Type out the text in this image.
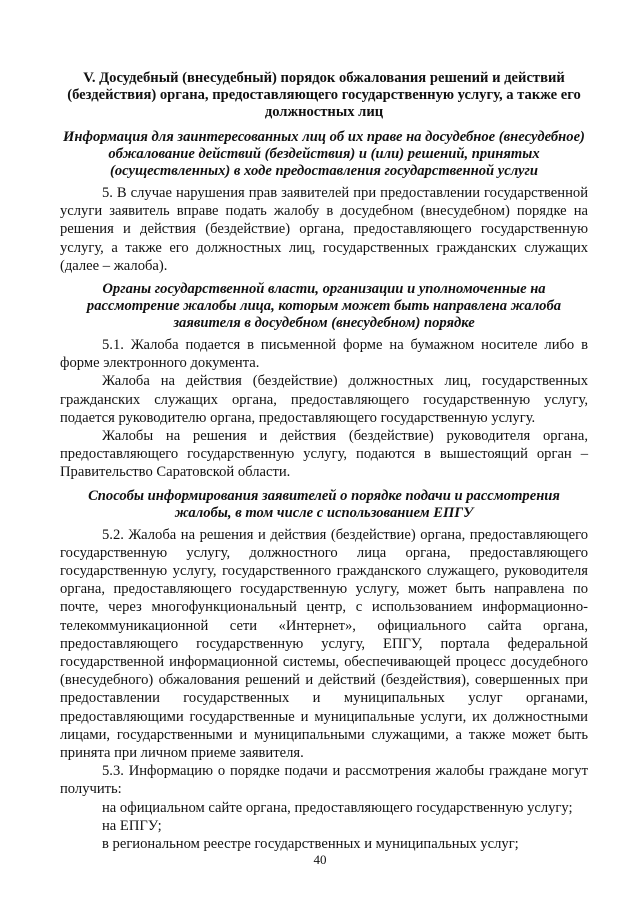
V. Досудебный (внесудебный) порядок обжалования решений и действий (бездействия) органа, предоставляющего государственную услугу, а также его должностных лиц
Информация для заинтересованных лиц об их праве на досудебное (внесудебное) обжалование действий (бездействия) и (или) решений, принятых (осуществленных) в ходе предоставления государственной услуги

5. В случае нарушения прав заявителей при предоставлении государственной услуги заявитель вправе подать жалобу в досудебном (внесудебном) порядке на решения и действия (бездействие) органа, предоставляющего государственную услугу, а также его должностных лиц, государственных гражданских служащих (далее – жалоба).

Органы государственной власти, организации и уполномоченные на рассмотрение жалобы лица, которым может быть направлена жалоба заявителя в досудебном (внесудебном) порядке

5.1. Жалоба подается в письменной форме на бумажном носителе либо в форме электронного документа.

Жалоба на действия (бездействие) должностных лиц, государственных гражданских служащих органа, предоставляющего государственную услугу, подается руководителю органа, предоставляющего государственную услугу.

Жалобы на решения и действия (бездействие) руководителя органа, предоставляющего государственную услугу, подаются в вышестоящий орган – Правительство Саратовской области.

Способы информирования заявителей о порядке подачи и рассмотрения жалобы, в том числе с использованием ЕПГУ

5.2. Жалоба на решения и действия (бездействие) органа, предоставляющего государственную услугу, должностного лица органа, предоставляющего государственную услугу, государственного гражданского служащего, руководителя органа, предоставляющего государственную услугу, может быть направлена по почте, через многофункциональный центр, с использованием информационно-телекоммуникационной сети «Интернет», официального сайта органа, предоставляющего государственную услугу, ЕПГУ, портала федеральной государственной информационной системы, обеспечивающей процесс досудебного (внесудебного) обжалования решений и действий (бездействия), совершенных при предоставлении государственных и муниципальных услуг органами, предоставляющими государственные и муниципальные услуги, их должностными лицами, государственными и муниципальными служащими, а также может быть принята при личном приеме заявителя.

5.3. Информацию о порядке подачи и рассмотрения жалобы граждане могут получить:

на официальном сайте органа, предоставляющего государственную услугу;

на ЕПГУ;

в региональном реестре государственных и муниципальных услуг;

40
